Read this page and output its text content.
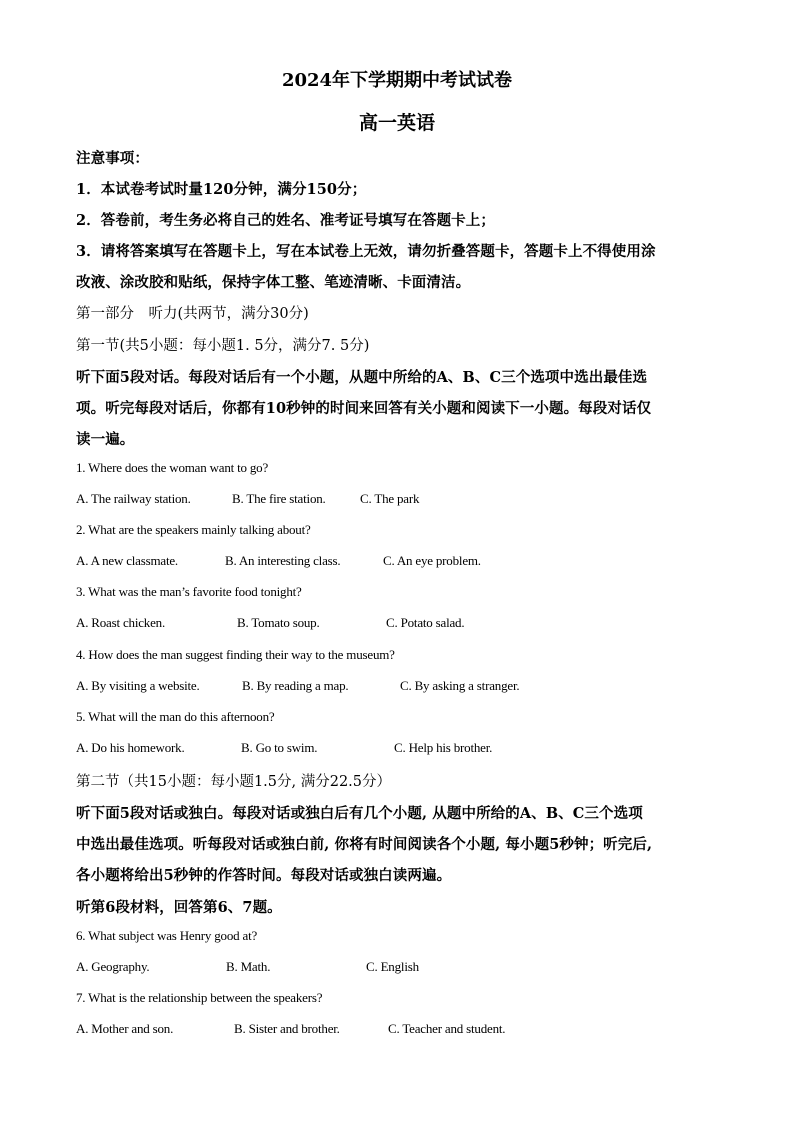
2024年下学期期中考试试卷
高一英语
注意事项：
1．本试卷考试时量120分钟，满分150分；
2．答卷前，考生务必将自己的姓名、准考证号填写在答题卡上；
3．请将答案填写在答题卡上，写在本试卷上无效，请勿折叠答题卡，答题卡上不得使用涂
改液、涂改胶和贴纸，保持字体工整、笔迹清晰、卡面清洁。
第一部分　听力(共两节，满分30分)
第一节(共5小题：每小题1. 5分，满分7. 5分)
听下面5段对话。每段对话后有一个小题，从题中所给的A、B、C三个选项中选出最佳选
项。听完每段对话后，你都有10秒钟的时间来回答有关小题和阅读下一小题。每段对话仅
读一遍。
1. Where does the woman want to go?
A. The railway station.	B. The fire station.	C. The park
2. What are the speakers mainly talking about?
A. A new classmate.	B. An interesting class.	C. An eye problem.
3. What was the man’s favorite food tonight?
A. Roast chicken.	B. Tomato soup.	C. Potato salad.
4. How does the man suggest finding their way to the museum?
A. By visiting a website.	B. By reading a map.	C. By asking a stranger.
5. What will the man do this afternoon?
A. Do his homework.	B. Go to swim.	C. Help his brother.
第二节（共15小题：每小题1.5分, 满分22.5分）
听下面5段对话或独白。每段对话或独白后有几个小题, 从题中所给的A、B、C三个选项
中选出最佳选项。听每段对话或独白前, 你将有时间阅读各个小题, 每小题5秒钟；听完后,
各小题将给出5秒钟的作答时间。每段对话或独白读两遍。
听第6段材料，回答第6、7题。
6. What subject was Henry good at?
A. Geography.	B. Math.	C. English
7. What is the relationship between the speakers?
A. Mother and son.	B. Sister and brother.	C. Teacher and student.
